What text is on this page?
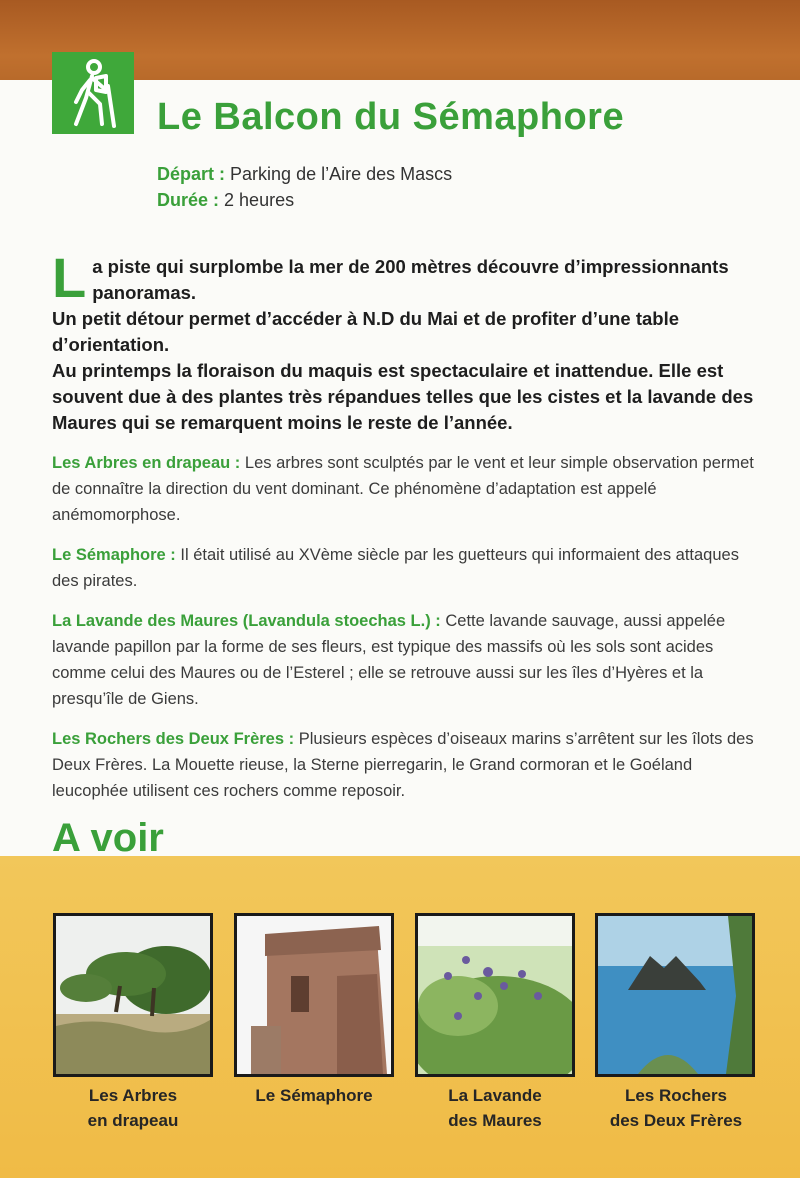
Le Balcon du Sémaphore
Départ : Parking de l’Aire des Mascs
Durée : 2 heures

La piste qui surplombe la mer de 200 mètres découvre d’impressionnants panoramas.

Un petit détour permet d’accéder à N.D du Mai et de profiter d’une table d’orientation.

Au printemps la floraison du maquis est spectaculaire et inattendue. Elle est souvent due à des plantes très répandues telles que les cistes et la lavande des Maures qui se remarquent moins le reste de l’année.

Les Arbres en drapeau : Les arbres sont sculptés par le vent et leur simple observation permet de connaître la direction du vent dominant. Ce phénomène d’adaptation est appelé anémomorphose.

Le Sémaphore : Il était utilisé au XVème siècle par les guetteurs qui informaient des attaques des pirates.

La Lavande des Maures (Lavandula stoechas L.) : Cette lavande sauvage, aussi appelée lavande papillon par la forme de ses fleurs, est typique des massifs où les sols sont acides comme celui des Maures ou de l’Esterel ; elle se retrouve aussi sur les îles d’Hyères et la presqu’île de Giens.

Les Rochers des Deux Frères : Plusieurs espèces d’oiseaux marins s’arrêtent sur les îlots des Deux Frères. La Mouette rieuse, la Sterne pierregarin, le Grand cormoran et le Goéland leucophée utilisent ces rochers comme reposoir.

A voir
Les Arbres
en drapeau
Le Sémaphore	La Lavande
des Maures
Les Rochers
des Deux Frères
